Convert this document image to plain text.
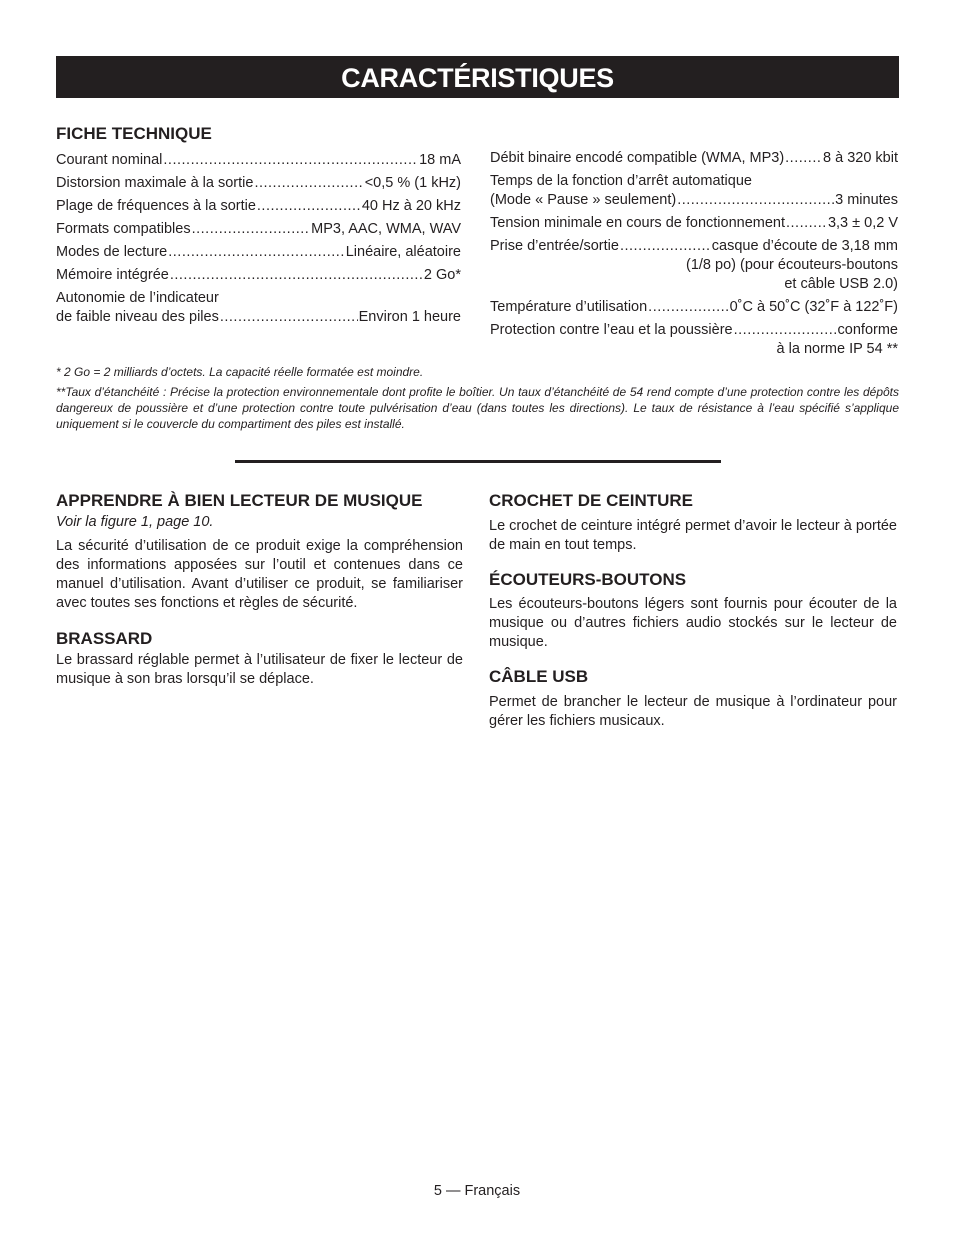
CARACTÉRISTIQUES

FICHE TECHNIQUE

Courant nominal .....	18 mA
Distorsion maximale à la sortie .....	<0,5 % (1 kHz)
Plage de fréquences à la sortie .....	40 Hz à 20 kHz
Formats compatibles .....	MP3, AAC, WMA, WAV
Modes de lecture .....	Linéaire, aléatoire
Mémoire intégrée .....	2 Go*
Autonomie de l’indicateur
de faible niveau des piles .....	Environ 1 heure
Débit binaire encodé compatible (WMA, MP3) .....	8 à 320 kbit
Temps de la fonction d’arrêt automatique
(Mode « Pause » seulement) .....	3 minutes
Tension minimale en cours de fonctionnement .....	3,3 ± 0,2 V
Prise d’entrée/sortie .....	casque d’écoute de 3,18 mm
(1/8 po) (pour écouteurs-boutons
et câble USB 2.0)
Température d’utilisation .....	0˚C à 50˚C (32˚F à 122˚F)
Protection contre l’eau et la poussière .....	conforme
à la norme IP 54 **

* 2 Go = 2 milliards d’octets. La capacité réelle formatée est moindre.

**Taux d’étanchéité : Précise la protection environnementale dont profite le boîtier. Un taux d’étanchéité de 54 rend compte d’une protection contre les dépôts dangereux de poussière et d’une protection contre toute pulvérisation d’eau (dans toutes les directions). Le taux de résistance à l’eau spécifié s’applique uniquement si le couvercle du compartiment des piles est installé.

APPRENDRE À BIEN LECTEUR DE MUSIQUE

Voir la figure 1, page 10.

La sécurité d’utilisation de ce produit exige la compréhension des informations apposées sur l’outil et contenues dans ce manuel d’utilisation. Avant d’utiliser ce produit, se familiariser avec toutes ses fonctions et règles de sécurité.

BRASSARD

Le brassard réglable permet à l’utilisateur de fixer le lecteur de musique à son bras lorsqu’il se déplace.

CROCHET DE CEINTURE

Le crochet de ceinture intégré permet d’avoir le lecteur à portée de main en tout temps.

ÉCOUTEURS-BOUTONS

Les écouteurs-boutons légers sont fournis pour écouter de la musique ou d’autres fichiers audio stockés sur le lecteur de musique.

CÂBLE USB

Permet de brancher le lecteur de musique à l’ordinateur pour gérer les fichiers musicaux.

5 — Français
